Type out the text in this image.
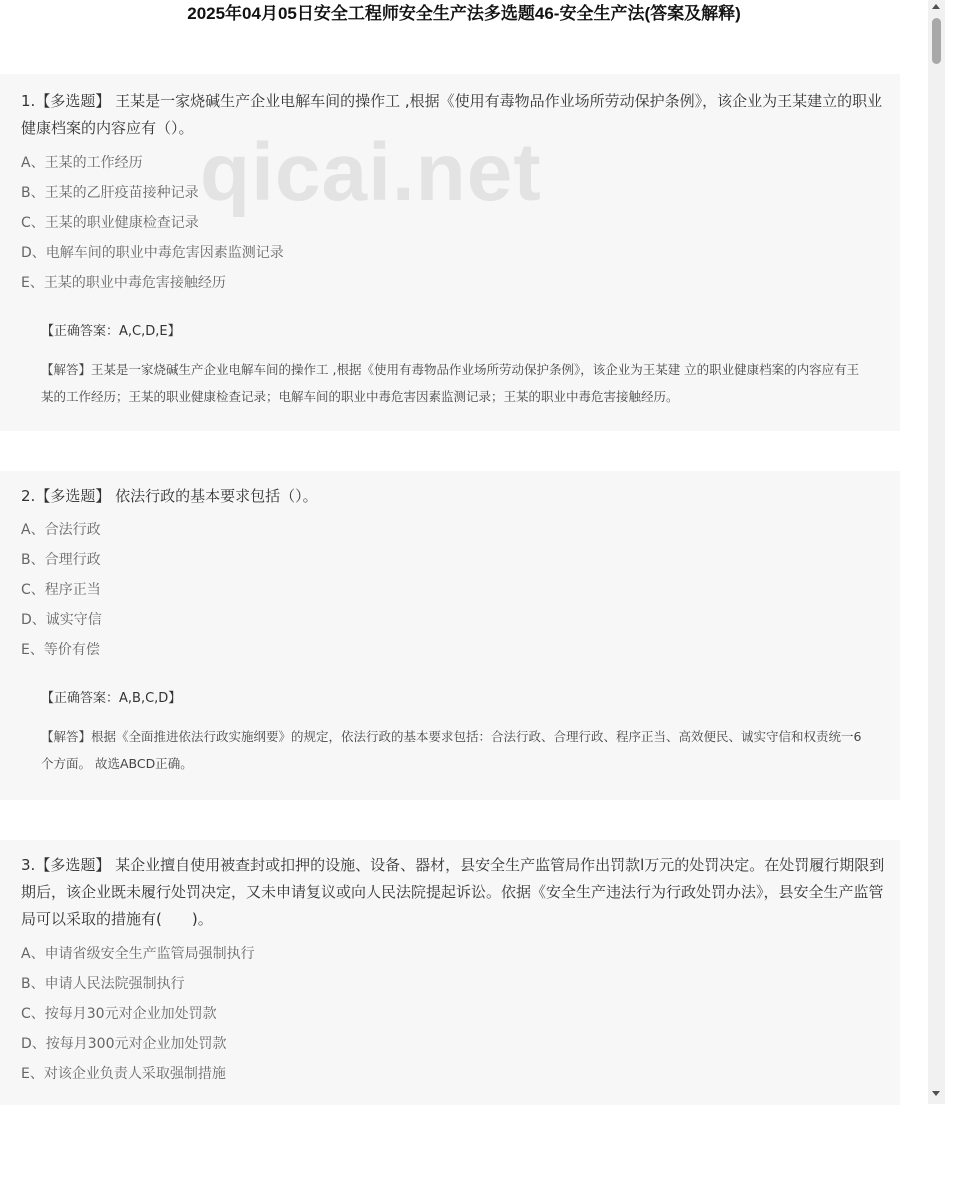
2025年04月05日安全工程师安全生产法多选题46-安全生产法(答案及解释)

1.【多选题】 王某是一家烧碱生产企业电解车间的操作工 ,根据《使用有毒物品作业场所劳动保护条例》，该企业为王某建立的职业健康档案的内容应有（）。

A、王某的工作经历

B、王某的乙肝疫苗接种记录

C、王某的职业健康检查记录

D、电解车间的职业中毒危害因素监测记录

E、王某的职业中毒危害接触经历

【正确答案：A,C,D,E】
【解答】王某是一家烧碱生产企业电解车间的操作工 ,根据《使用有毒物品作业场所劳动保护条例》，该企业为王某建 立的职业健康档案的内容应有王某的工作经历；王某的职业健康检查记录；电解车间的职业中毒危害因素监测记录；王某的职业中毒危害接触经历。

2.【多选题】 依法行政的基本要求包括（）。

A、合法行政

B、合理行政

C、程序正当

D、诚实守信

E、等价有偿

【正确答案：A,B,C,D】
【解答】根据《全面推进依法行政实施纲要》的规定，依法行政的基本要求包括：合法行政、合理行政、程序正当、高效便民、诚实守信和权责统一6个方面。 故选ABCD正确。

3.【多选题】 某企业擅自使用被查封或扣押的设施、设备、器材，县安全生产监管局作出罚款l万元的处罚决定。在处罚履行期限到期后，该企业既未履行处罚决定，又未申请复议或向人民法院提起诉讼。依据《安全生产违法行为行政处罚办法》，县安全生产监管局可以采取的措施有(　　)。

A、申请省级安全生产监管局强制执行

B、申请人民法院强制执行

C、按每月30元对企业加处罚款

D、按每月300元对企业加处罚款

E、对该企业负责人采取强制措施

qicai.net
